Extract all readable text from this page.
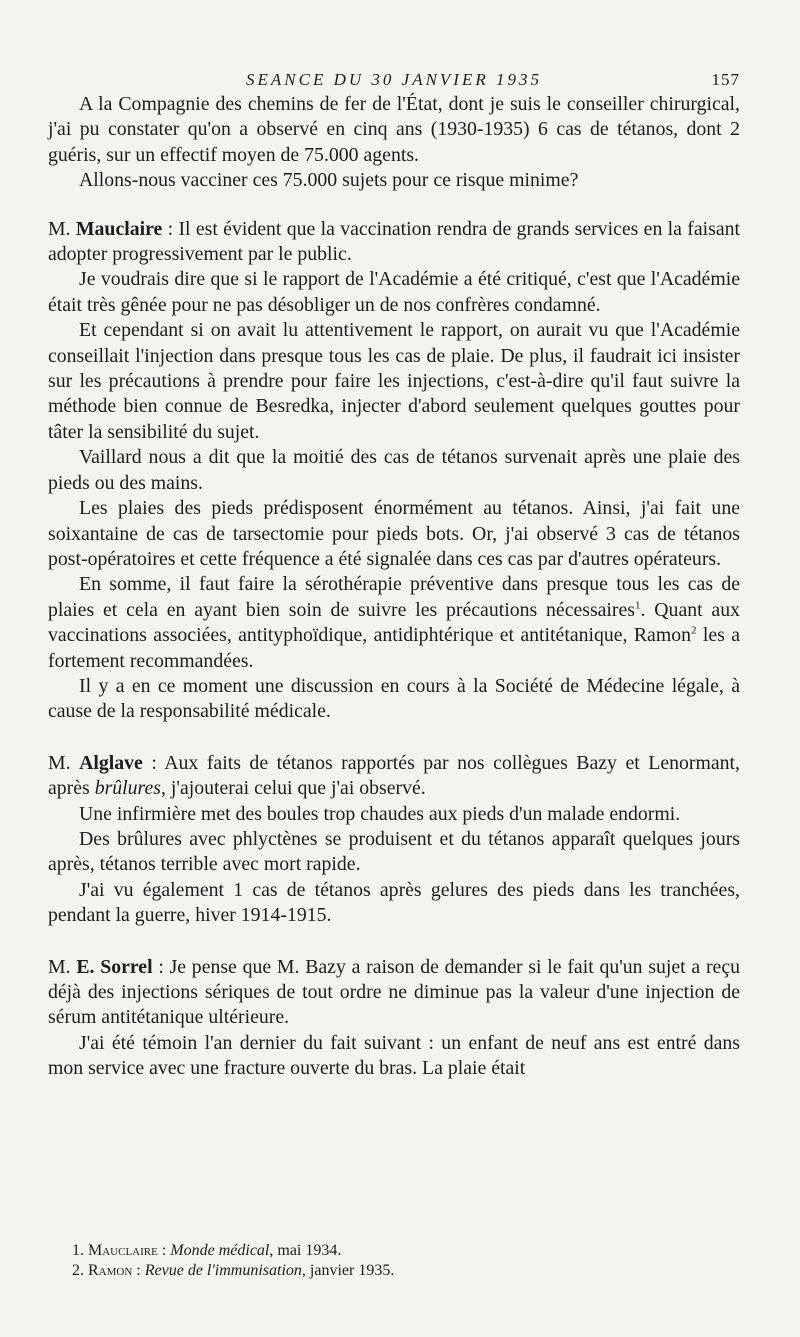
SEANCE DU 30 JANVIER 1935	157

A la Compagnie des chemins de fer de l'État, dont je suis le conseiller chirurgical, j'ai pu constater qu'on a observé en cinq ans (1930-1935) 6 cas de tétanos, dont 2 guéris, sur un effectif moyen de 75.000 agents.

Allons-nous vacciner ces 75.000 sujets pour ce risque minime?

M. Mauclaire : Il est évident que la vaccination rendra de grands services en la faisant adopter progressivement par le public.

Je voudrais dire que si le rapport de l'Académie a été critiqué, c'est que l'Académie était très gênée pour ne pas désobliger un de nos confrères condamné.

Et cependant si on avait lu attentivement le rapport, on aurait vu que l'Académie conseillait l'injection dans presque tous les cas de plaie. De plus, il faudrait ici insister sur les précautions à prendre pour faire les injections, c'est-à-dire qu'il faut suivre la méthode bien connue de Besredka, injecter d'abord seulement quelques gouttes pour tâter la sensibilité du sujet.

Vaillard nous a dit que la moitié des cas de tétanos survenait après une plaie des pieds ou des mains.

Les plaies des pieds prédisposent énormément au tétanos. Ainsi, j'ai fait une soixantaine de cas de tarsectomie pour pieds bots. Or, j'ai observé 3 cas de tétanos post-opératoires et cette fréquence a été signalée dans ces cas par d'autres opérateurs.

En somme, il faut faire la sérothérapie préventive dans presque tous les cas de plaies et cela en ayant bien soin de suivre les précautions nécessaires$^1$. Quant aux vaccinations associées, antityphoïdique, antidiphtérique et antitétanique, Ramon$^2$ les a fortement recommandées.

Il y a en ce moment une discussion en cours à la Société de Médecine légale, à cause de la responsabilité médicale.

M. Alglave : Aux faits de tétanos rapportés par nos collègues Bazy et Lenormant, après brûlures, j'ajouterai celui que j'ai observé.

Une infirmière met des boules trop chaudes aux pieds d'un malade endormi.

Des brûlures avec phlyctènes se produisent et du tétanos apparaît quelques jours après, tétanos terrible avec mort rapide.

J'ai vu également 1 cas de tétanos après gelures des pieds dans les tranchées, pendant la guerre, hiver 1914-1915.

M. E. Sorrel : Je pense que M. Bazy a raison de demander si le fait qu'un sujet a reçu déjà des injections sériques de tout ordre ne diminue pas la valeur d'une injection de sérum antitétanique ultérieure.

J'ai été témoin l'an dernier du fait suivant : un enfant de neuf ans est entré dans mon service avec une fracture ouverte du bras. La plaie était

1. Mauclaire : Monde médical, mai 1934.

2. Ramon : Revue de l'immunisation, janvier 1935.
